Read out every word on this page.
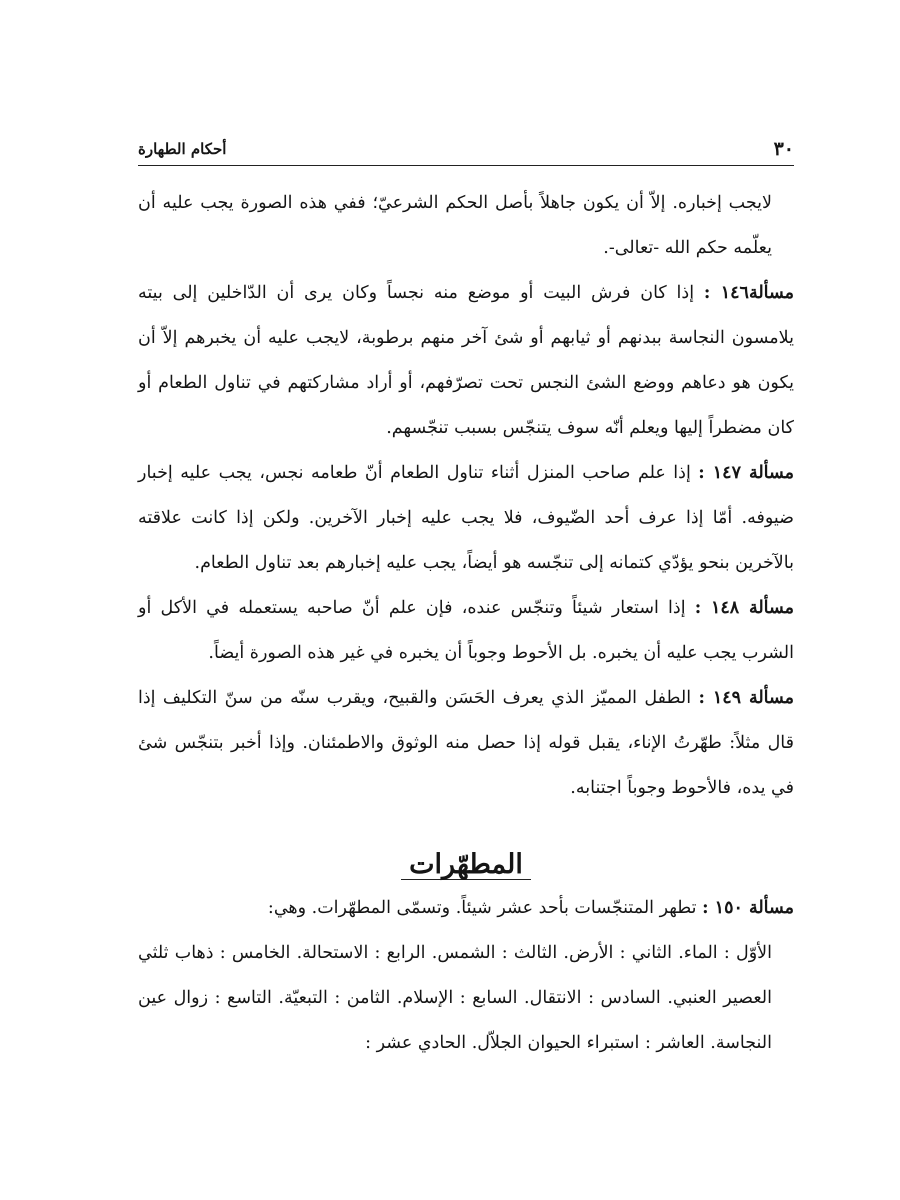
أحكام الطهارة	٣٠

لايجب إخباره. إلاّ أن يكون جاهلاً بأصل الحكم الشرعيّ؛ ففي هذه الصورة يجب عليه أن يعلّمه حكم الله -تعالى-.

مسألة١٤٦ : إذا كان فرش البيت أو موضع منه نجساً وكان يرى أن الدّاخلين إلى بيته يلامسون النجاسة ببدنهم أو ثيابهم أو شئ آخر منهم برطوبة، لايجب عليه أن يخبرهم إلاّ أن يكون هو دعاهم ووضع الشئ النجس تحت تصرّفهم، أو أراد مشاركتهم في تناول الطعام أو كان مضطراً إليها ويعلم أنّه سوف يتنجّس بسبب تنجّسهم.

مسألة ١٤٧ : إذا علم صاحب المنزل أثناء تناول الطعام أنّ طعامه نجس، يجب عليه إخبار ضيوفه. أمّا إذا عرف أحد الضّيوف، فلا يجب عليه إخبار الآخرين. ولكن إذا كانت علاقته بالآخرين بنحو يؤدّي كتمانه إلى تنجّسه هو أيضاً، يجب عليه إخبارهم بعد تناول الطعام.

مسألة ١٤٨ : إذا استعار شيئاً وتنجّس عنده، فإن علم أنّ صاحبه يستعمله في الأكل أو الشرب يجب عليه أن يخبره. بل الأحوط وجوباً أن يخبره في غير هذه الصورة أيضاً.

مسألة ١٤٩ : الطفل المميّز الذي يعرف الحَسَن والقبيح، ويقرب سنّه من سنّ التكليف إذا قال مثلاً: طهّرتُ الإناء، يقبل قوله إذا حصل منه الوثوق والاطمئنان. وإذا أخبر بتنجّس شئ في يده، فالأحوط وجوباً اجتنابه.

المطهّرات

مسألة ١٥٠ : تطهر المتنجّسات بأحد عشر شيئاً. وتسمّى المطهّرات. وهي:

الأوّل : الماء. الثاني : الأرض. الثالث : الشمس. الرابع : الاستحالة. الخامس : ذهاب ثلثي العصير العنبي. السادس : الانتقال. السابع : الإسلام. الثامن : التبعيّة. التاسع : زوال عين النجاسة. العاشر : استبراء الحيوان الجلاّل. الحادي عشر :
